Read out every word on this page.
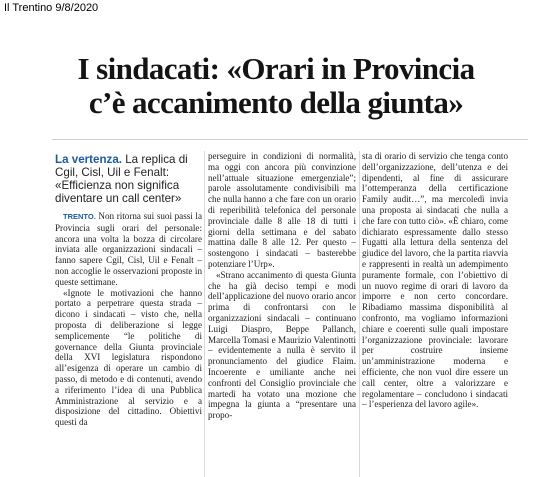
Il Trentino 9/8/2020
I sindacati: «Orari in Provincia
c’è accanimento della giunta»

La vertenza. La replica di Cgil, Cisl, Uil e Fenalt: «Efficienza non significa diventare un call center»

TRENTO. Non ritorna sui suoi passi la Provincia sugli orari del personale: ancora una volta la bozza di circolare inviata alle organizzazioni sindacali – fanno sapere Cgil, Cisl, Uil e Fenalt – non accoglie le osservazioni proposte in queste settimane.

«Ignote le motivazioni che hanno portato a perpetrare questa strada – dicono i sindacati – visto che, nella proposta di deliberazione si legge semplicemente “le politiche di governance della Giunta provinciale della XVI legislatura rispondono all’esigenza di operare un cambio di passo, di metodo e di contenuti, avendo a riferimento l’idea di una Pubblica Amministrazione al servizio e a disposizione del cittadino. Obiettivi questi da

perseguire in condizioni di normalità, ma oggi con ancora più convinzione nell’attuale situazione emergenziale”; parole assolutamente condivisibili ma che nulla hanno a che fare con un orario di reperibilità telefonica del personale provinciale dalle 8 alle 18 di tutti i giorni della settimana e del sabato mattina dalle 8 alle 12. Per questo – sostengono i sindacati – basterebbe potenziare l’Urp».

«Strano accanimento di questa Giunta che ha già deciso tempi e modi dell’applicazione del nuovo orario ancor prima di confrontarsi con le organizzazioni sindacali – continuano Luigi Diaspro, Beppe Pallanch, Marcella Tomasi e Maurizio Valentinotti – evidentemente a nulla è servito il pronunciamento del giudice Flaim. Incoerente e umiliante anche nei confronti del Consiglio provinciale che martedì ha votato una mozione che impegna la giunta a “presentare una propo-

sta di orario di servizio che tenga conto dell’organizzazione, dell’utenza e dei dipendenti, al fine di assicurare l’ottemperanza della certificazione Family audit…”, ma mercoledì invia una proposta ai sindacati che nulla a che fare con tutto ciò». «È chiaro, come dichiarato espressamente dallo stesso Fugatti alla lettura della sentenza del giudice del lavoro, che la partita riavvia e rappresenti in realtà un adempimento puramente formale, con l’obiettivo di un nuovo regime di orari di lavoro da imporre e non certo concordare. Ribadiamo massima disponibilità al confronto, ma vogliamo informazioni chiare e coerenti sulle quali impostare l’organizzazione provinciale: lavorare per costruire insieme un’amministrazione moderna e efficiente, che non vuol dire essere un call center, oltre a valorizzare e regolamentare – concludono i sindacati – l’esperienza del lavoro agile».
